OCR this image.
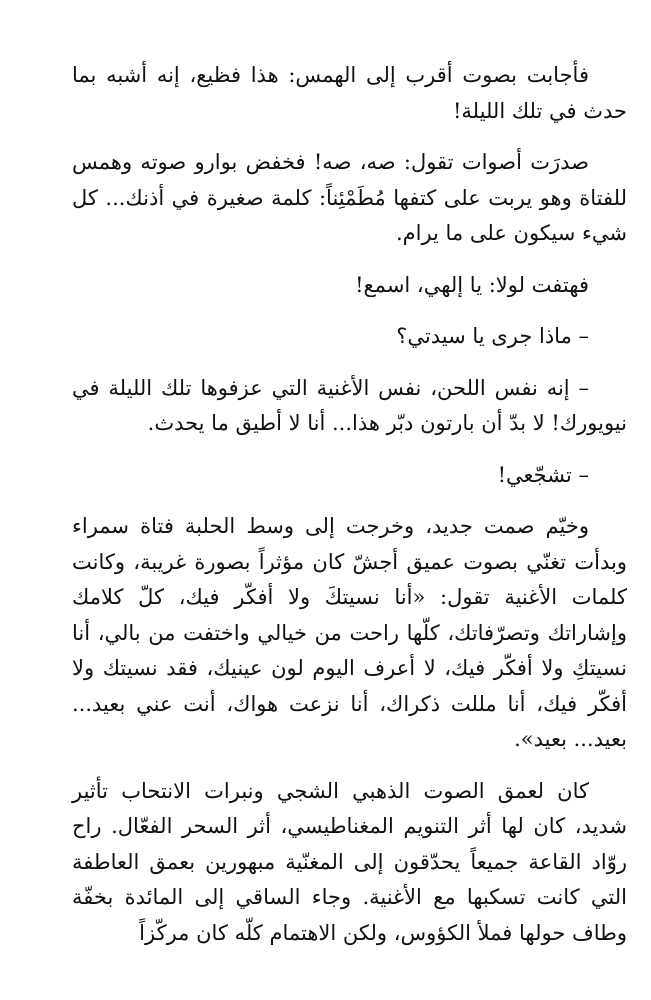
فأجابت بصوت أقرب إلى الهمس: هذا فظيع، إنه أشبه بما حدث في تلك الليلة!

صدرَت أصوات تقول: صه، صه! فخفض بوارو صوته وهمس للفتاة وهو يربت على كتفها مُطَمْئِناً: كلمة صغيرة في أذنك... كل شيء سيكون على ما يرام.

فهتفت لولا: يا إلهي، اسمع!

– ماذا جرى يا سيدتي؟

– إنه نفس اللحن، نفس الأغنية التي عزفوها تلك الليلة في نيويورك! لا بدّ أن بارتون دبّر هذا... أنا لا أطيق ما يحدث.

– تشجّعي!

وخيّم صمت جديد، وخرجت إلى وسط الحلبة فتاة سمراء وبدأت تغنّي بصوت عميق أجشّ كان مؤثراً بصورة غريبة، وكانت كلمات الأغنية تقول: «أنا نسيتكَ ولا أفكّر فيك، كلّ كلامك وإشاراتك وتصرّفاتك، كلّها راحت من خيالي واختفت من بالي، أنا نسيتكِ ولا أفكّر فيك، لا أعرف اليوم لون عينيك، فقد نسيتك ولا أفكّر فيك، أنا مللت ذكراك، أنا نزعت هواك، أنت عني بعيد... بعيد... بعيد».

كان لعمق الصوت الذهبي الشجي ونبرات الانتحاب تأثير شديد، كان لها أثر التنويم المغناطيسي، أثر السحر الفعّال. راح روّاد القاعة جميعاً يحدّقون إلى المغنّية مبهورين بعمق العاطفة التي كانت تسكبها مع الأغنية. وجاء الساقي إلى المائدة بخفّة وطاف حولها فملأ الكؤوس، ولكن الاهتمام كلّه كان مركّزاً
